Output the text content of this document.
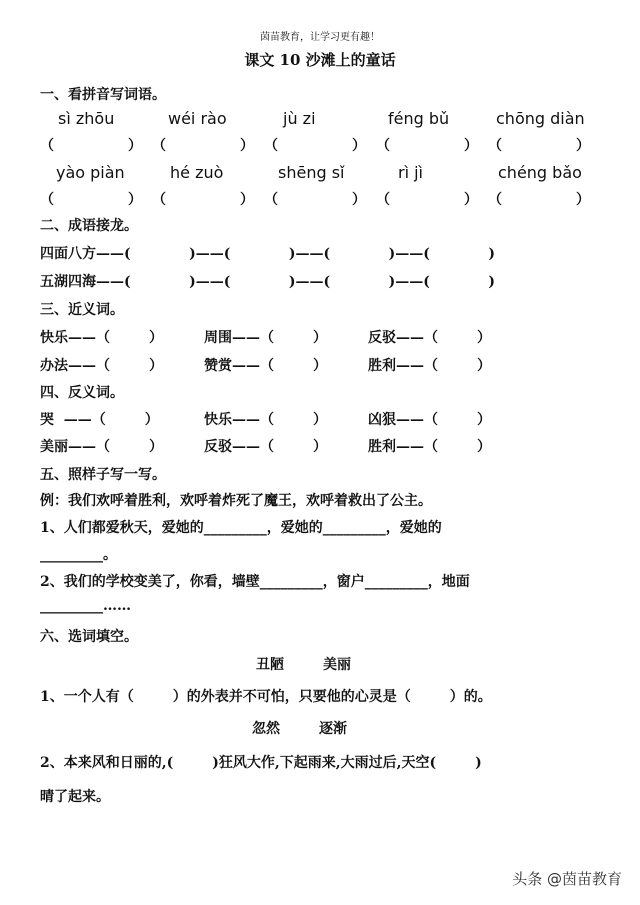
茵苗教育，让学习更有趣！
课文 10 沙滩上的童话
一、看拼音写词语。
sì zhōu	wéi rào	jù zi	féng bǔ	chōng diàn
（	） （	） （	） （	） （	）
yào piàn	hé zuò	shēng sǐ	rì jì	chéng bǎo
（	） （	） （	） （	） （	）
二、成语接龙。
四面八方——(            )——(            )——(            )——(            )
五湖四海——(            )——(            )——(            )——(            )
三、近义词。
快乐——（        ）	周围——（        ）	反驳——（        ）
办法——（        ）	赞赏——（        ）	胜利——（        ）
四、反义词。
哭  ——（        ）	快乐——（        ）	凶狠——（        ）
美丽——（        ）	反驳——（        ）	胜利——（        ）
五、照样子写一写。
例：我们欢呼着胜利，欢呼着炸死了魔王，欢呼着救出了公主。
1、人们都爱秋天，爱她的_________，爱她的_________，爱她的
_________。
2、我们的学校变美了，你看，墙壁_________，窗户_________，地面
_________……
六、选词填空。
丑陋        美丽
1、一个人有（        ）的外表并不可怕，只要他的心灵是（        ）的。
忽然        逐渐
2、本来风和日丽的,(        )狂风大作,下起雨来,大雨过后,天空(        )
晴了起来。
头条 @茵苗教育
